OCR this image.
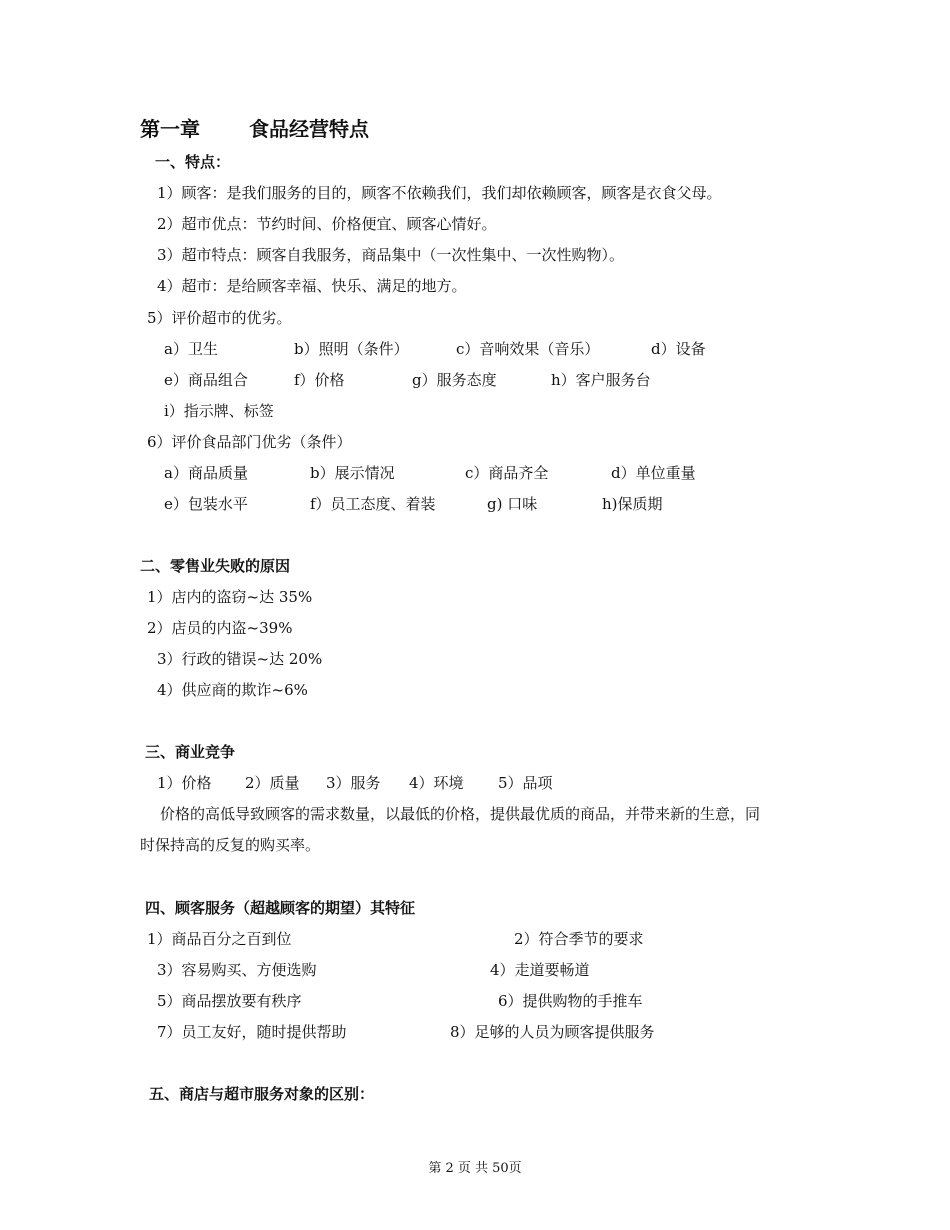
第一章 食品经营特点
一、特点：
1）顾客：是我们服务的目的，顾客不依赖我们，我们却依赖顾客，顾客是衣食父母。
2）超市优点：节约时间、价格便宜、顾客心情好。
3）超市特点：顾客自我服务，商品集中（一次性集中、一次性购物）。
4）超市：是给顾客幸福、快乐、满足的地方。
5）评价超市的优劣。
a）卫生	b）照明（条件）	c）音响效果（音乐）	d）设备
e）商品组合	f）价格	g）服务态度	h）客户服务台
i）指示牌、标签
6）评价食品部门优劣（条件）
a）商品质量	b）展示情况	c）商品齐全	d）单位重量
e）包装水平	f）员工态度、着装	g) 口味	h)保质期
二、零售业失败的原因
1）店内的盗窃~达 35%
2）店员的内盗~39%
3）行政的错误~达 20%
4）供应商的欺诈~6%
三、商业竞争
1）价格 2）质量 3）服务 4）环境 5）品项
价格的高低导致顾客的需求数量，以最低的价格，提供最优质的商品，并带来新的生意，同
时保持高的反复的购买率。
四、顾客服务（超越顾客的期望）其特征
1）商品百分之百到位	2）符合季节的要求
3）容易购买、方便选购	4）走道要畅道
5）商品摆放要有秩序	6）提供购物的手推车
7）员工友好，随时提供帮助	8）足够的人员为顾客提供服务
五、商店与超市服务对象的区别：
第 2 页 共 50页
